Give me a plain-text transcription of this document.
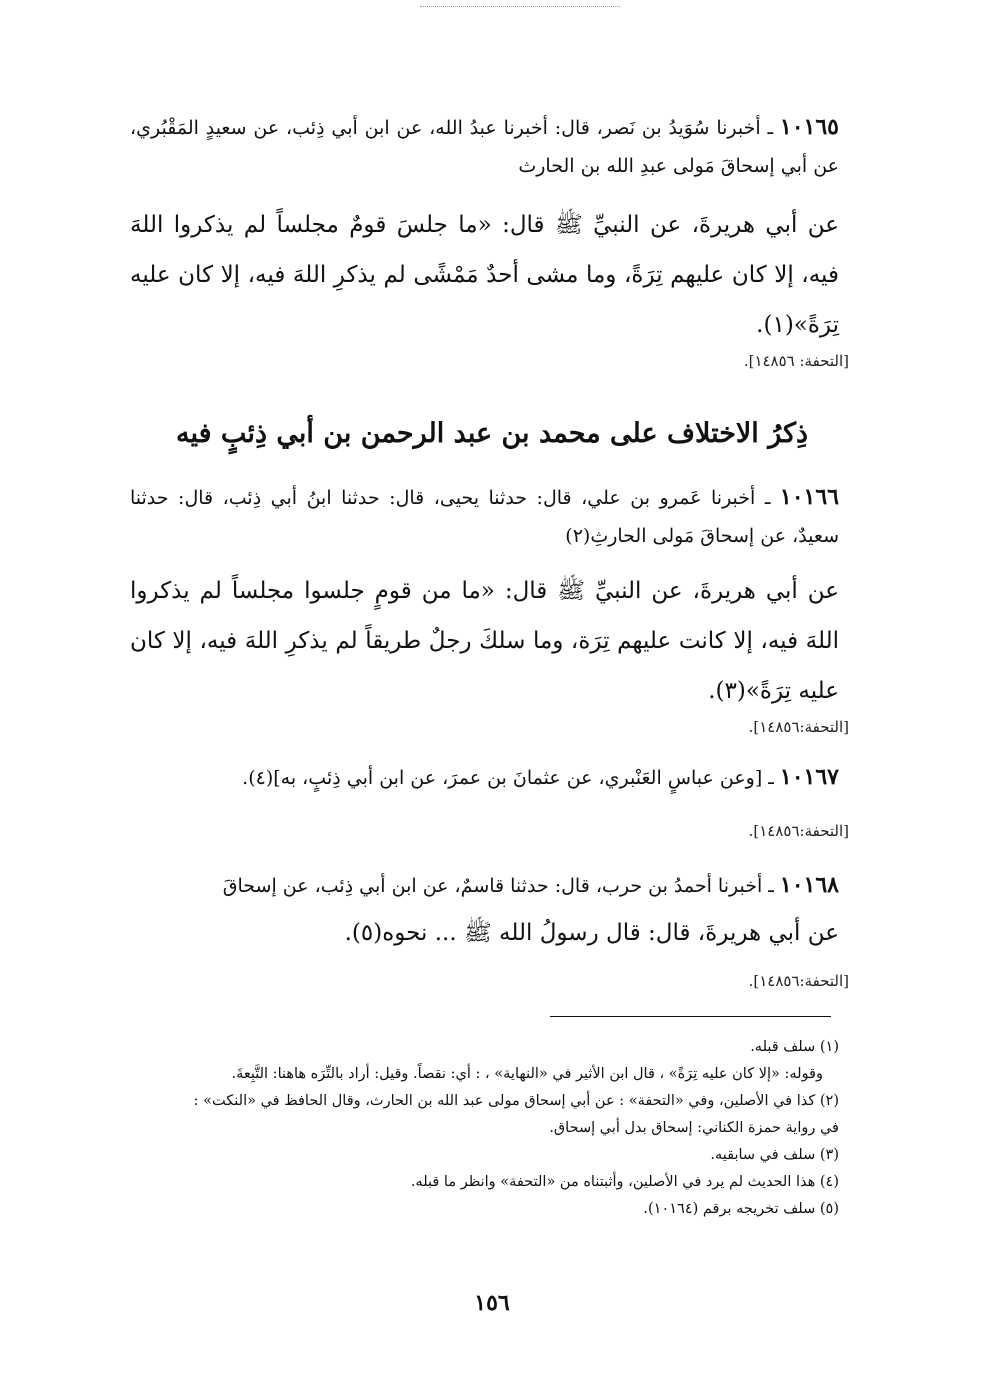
١٠١٦٥ ـ أخبرنا سُوَيدُ بن نَصر، قال: أخبرنا عبدُ الله، عن ابن أبي ذِئب، عن سعيدٍ المَقْبُري، عن أبي إسحاقَ مَولى عبدِ الله بن الحارث
عن أبي هريرةَ، عن النبيِّ ﷺ قال: «ما جلسَ قومٌ مجلساً لم يذكروا اللهَ فيه، إلا كان عليهم تِرَةً، وما مشى أحدٌ مَمْشًى لم يذكرِ اللهَ فيه، إلا كان عليه تِرَةً»(١).
[التحفة: ١٤٨٥٦].
ذِكرُ الاختلاف على محمد بن عبد الرحمن بن أبي ذِئبٍ فيه
١٠١٦٦ ـ أخبرنا عَمرو بن علي، قال: حدثنا يحيى، قال: حدثنا ابنُ أبي ذِئب، قال: حدثنا سعيدٌ، عن إسحاقَ مَولى الحارثِ(٢)
عن أبي هريرةَ، عن النبيِّ ﷺ قال: «ما من قومٍ جلسوا مجلساً لم يذكروا اللهَ فيه، إلا كانت عليهم تِرَة، وما سلكَ رجلٌ طريقاً لم يذكرِ اللهَ فيه، إلا كان عليه تِرَةً»(٣).
[التحفة:١٤٨٥٦].
١٠١٦٧ ـ [وعن عباسٍ العَنْبري، عن عثمانَ بن عمرَ، عن ابن أبي ذِئبٍ، به](٤).
[التحفة:١٤٨٥٦].
١٠١٦٨ ـ أخبرنا أحمدُ بن حرب، قال: حدثنا قاسمٌ، عن ابن أبي ذِئب، عن إسحاقَ
عن أبي هريرةَ، قال: قال رسولُ الله ﷺ ... نحوه(٥).
[التحفة:١٤٨٥٦].
(١) سلف قبله.
وقوله: «إلا كان عليه تِرَةً» ، قال ابن الأثير في «النهاية» ، : أي: نقصاً. وقيل: أراد بالتِّرَه هاهنا: التَّبِعةَ.
(٢) كذا في الأصلين، وفي «التحفة» : عن أبي إسحاق مولى عبد الله بن الحارث، وقال الحافظ في «النكت» :
في رواية حمزة الكناني: إسحاق بدل أبي إسحاق.
(٣) سلف في سابقيه.
(٤) هذا الحديث لم يرد في الأصلين، وأثبتناه من «التحفة» وانظر ما قبله.
(٥) سلف تخريجه برقم (١٠١٦٤).
١٥٦
